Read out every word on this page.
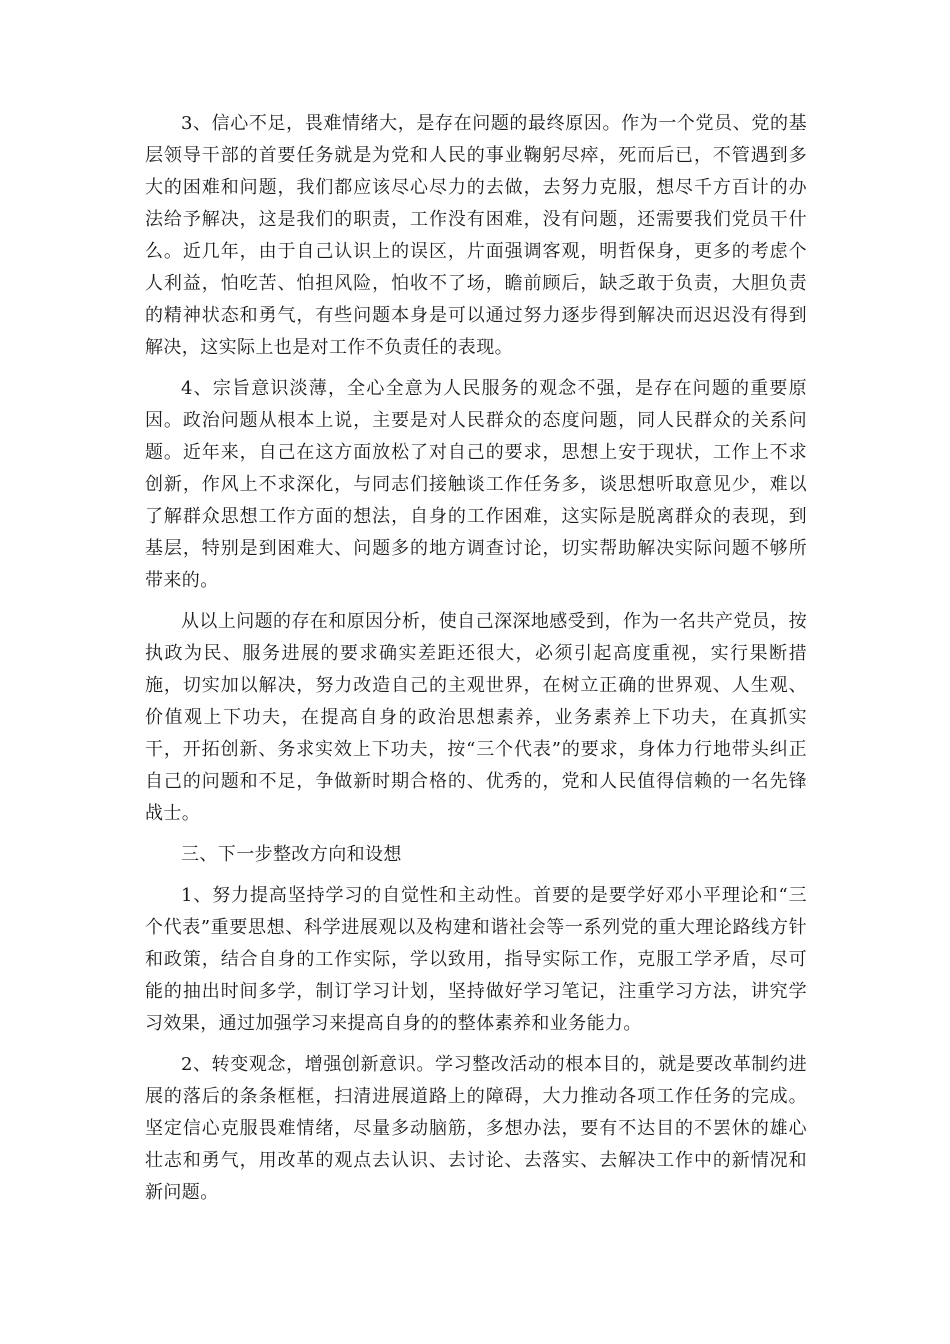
3、信心不足，畏难情绪大，是存在问题的最终原因。作为一个党员、党的基层领导干部的首要任务就是为党和人民的事业鞠躬尽瘁，死而后已，不管遇到多大的困难和问题，我们都应该尽心尽力的去做，去努力克服，想尽千方百计的办法给予解决，这是我们的职责，工作没有困难，没有问题，还需要我们党员干什么。近几年，由于自己认识上的误区，片面强调客观，明哲保身，更多的考虑个人利益，怕吃苦、怕担风险，怕收不了场，瞻前顾后，缺乏敢于负责，大胆负责的精神状态和勇气，有些问题本身是可以通过努力逐步得到解决而迟迟没有得到解决，这实际上也是对工作不负责任的表现。

4、宗旨意识淡薄，全心全意为人民服务的观念不强，是存在问题的重要原因。政治问题从根本上说，主要是对人民群众的态度问题，同人民群众的关系问题。近年来，自己在这方面放松了对自己的要求，思想上安于现状，工作上不求创新，作风上不求深化，与同志们接触谈工作任务多，谈思想听取意见少，难以了解群众思想工作方面的想法，自身的工作困难，这实际是脱离群众的表现，到基层，特别是到困难大、问题多的地方调查讨论，切实帮助解决实际问题不够所带来的。

从以上问题的存在和原因分析，使自己深深地感受到，作为一名共产党员，按执政为民、服务进展的要求确实差距还很大，必须引起高度重视，实行果断措施，切实加以解决，努力改造自己的主观世界，在树立正确的世界观、人生观、价值观上下功夫，在提高自身的政治思想素养，业务素养上下功夫，在真抓实干，开拓创新、务求实效上下功夫，按“三个代表”的要求，身体力行地带头纠正自己的问题和不足，争做新时期合格的、优秀的，党和人民值得信赖的一名先锋战士。

三、下一步整改方向和设想

1、努力提高坚持学习的自觉性和主动性。首要的是要学好邓小平理论和“三个代表”重要思想、科学进展观以及构建和谐社会等一系列党的重大理论路线方针和政策，结合自身的工作实际，学以致用，指导实际工作，克服工学矛盾，尽可能的抽出时间多学，制订学习计划，坚持做好学习笔记，注重学习方法，讲究学习效果，通过加强学习来提高自身的的整体素养和业务能力。

2、转变观念，增强创新意识。学习整改活动的根本目的，就是要改革制约进展的落后的条条框框，扫清进展道路上的障碍，大力推动各项工作任务的完成。坚定信心克服畏难情绪，尽量多动脑筋，多想办法，要有不达目的不罢休的雄心壮志和勇气，用改革的观点去认识、去讨论、去落实、去解决工作中的新情况和新问题。
